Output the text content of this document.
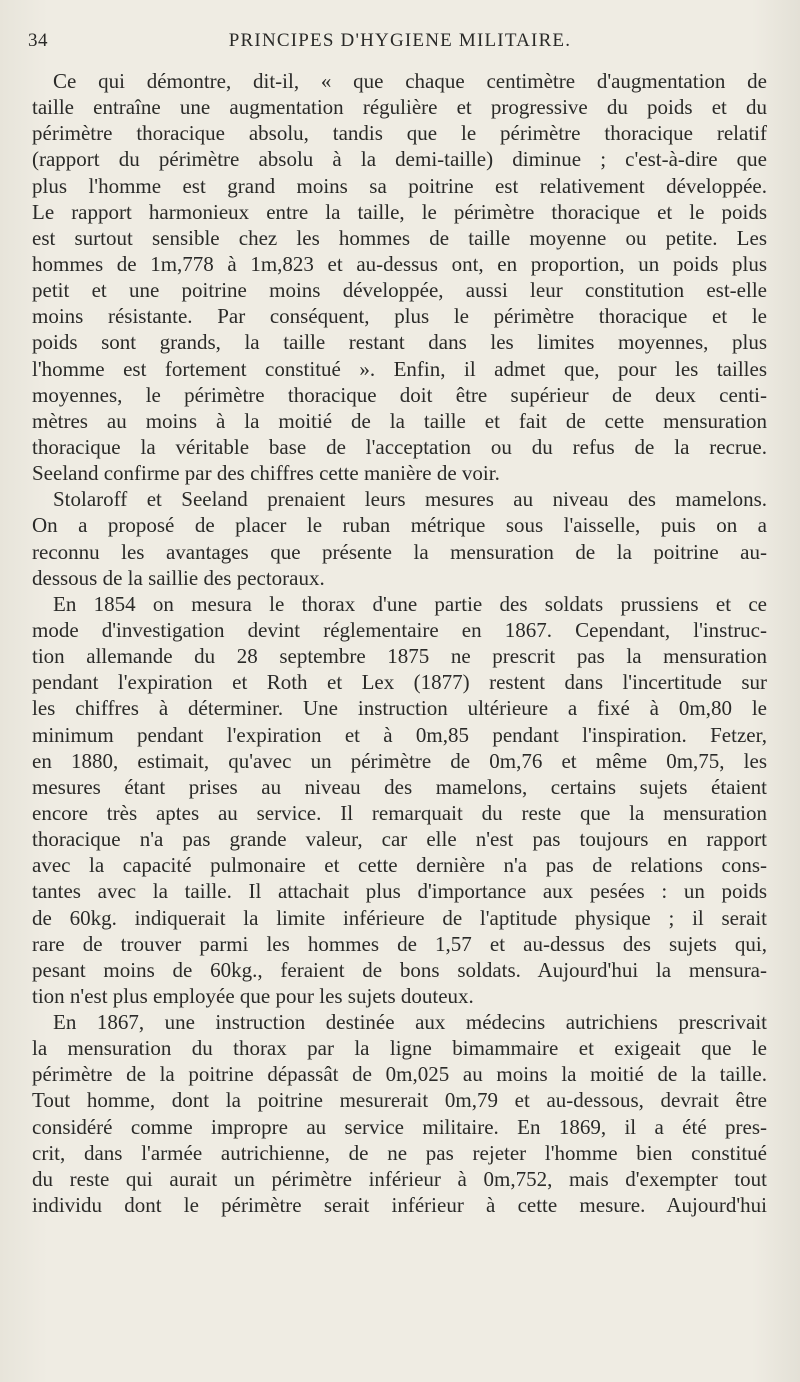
34	PRINCIPES D'HYGIENE MILITAIRE.
Ce qui démontre, dit-il, « que chaque centimètre d'augmentation de
taille entraîne une augmentation régulière et progressive du poids et du
périmètre thoracique absolu, tandis que le périmètre thoracique relatif
(rapport du périmètre absolu à la demi-taille) diminue ; c'est-à-dire que
plus l'homme est grand moins sa poitrine est relativement développée.
Le rapport harmonieux entre la taille, le périmètre thoracique et le poids
est surtout sensible chez les hommes de taille moyenne ou petite. Les
hommes de 1m,778 à 1m,823 et au-dessus ont, en proportion, un poids plus
petit et une poitrine moins développée, aussi leur constitution est-elle
moins résistante. Par conséquent, plus le périmètre thoracique et le
poids sont grands, la taille restant dans les limites moyennes, plus
l'homme est fortement constitué ». Enfin, il admet que, pour les tailles
moyennes, le périmètre thoracique doit être supérieur de deux centi-
mètres au moins à la moitié de la taille et fait de cette mensuration
thoracique la véritable base de l'acceptation ou du refus de la recrue.
Seeland confirme par des chiffres cette manière de voir.
Stolaroff et Seeland prenaient leurs mesures au niveau des mamelons.
On a proposé de placer le ruban métrique sous l'aisselle, puis on a
reconnu les avantages que présente la mensuration de la poitrine au-
dessous de la saillie des pectoraux.
En 1854 on mesura le thorax d'une partie des soldats prussiens et ce
mode d'investigation devint réglementaire en 1867. Cependant, l'instruc-
tion allemande du 28 septembre 1875 ne prescrit pas la mensuration
pendant l'expiration et Roth et Lex (1877) restent dans l'incertitude sur
les chiffres à déterminer. Une instruction ultérieure a fixé à 0m,80 le
minimum pendant l'expiration et à 0m,85 pendant l'inspiration. Fetzer,
en 1880, estimait, qu'avec un périmètre de 0m,76 et même 0m,75, les
mesures étant prises au niveau des mamelons, certains sujets étaient
encore très aptes au service. Il remarquait du reste que la mensuration
thoracique n'a pas grande valeur, car elle n'est pas toujours en rapport
avec la capacité pulmonaire et cette dernière n'a pas de relations cons-
tantes avec la taille. Il attachait plus d'importance aux pesées : un poids
de 60kg. indiquerait la limite inférieure de l'aptitude physique ; il serait
rare de trouver parmi les hommes de 1,57 et au-dessus des sujets qui,
pesant moins de 60kg., feraient de bons soldats. Aujourd'hui la mensura-
tion n'est plus employée que pour les sujets douteux.
En 1867, une instruction destinée aux médecins autrichiens prescrivait
la mensuration du thorax par la ligne bimammaire et exigeait que le
périmètre de la poitrine dépassât de 0m,025 au moins la moitié de la taille.
Tout homme, dont la poitrine mesurerait 0m,79 et au-dessous, devrait être
considéré comme impropre au service militaire. En 1869, il a été pres-
crit, dans l'armée autrichienne, de ne pas rejeter l'homme bien constitué
du reste qui aurait un périmètre inférieur à 0m,752, mais d'exempter tout
individu dont le périmètre serait inférieur à cette mesure. Aujourd'hui
